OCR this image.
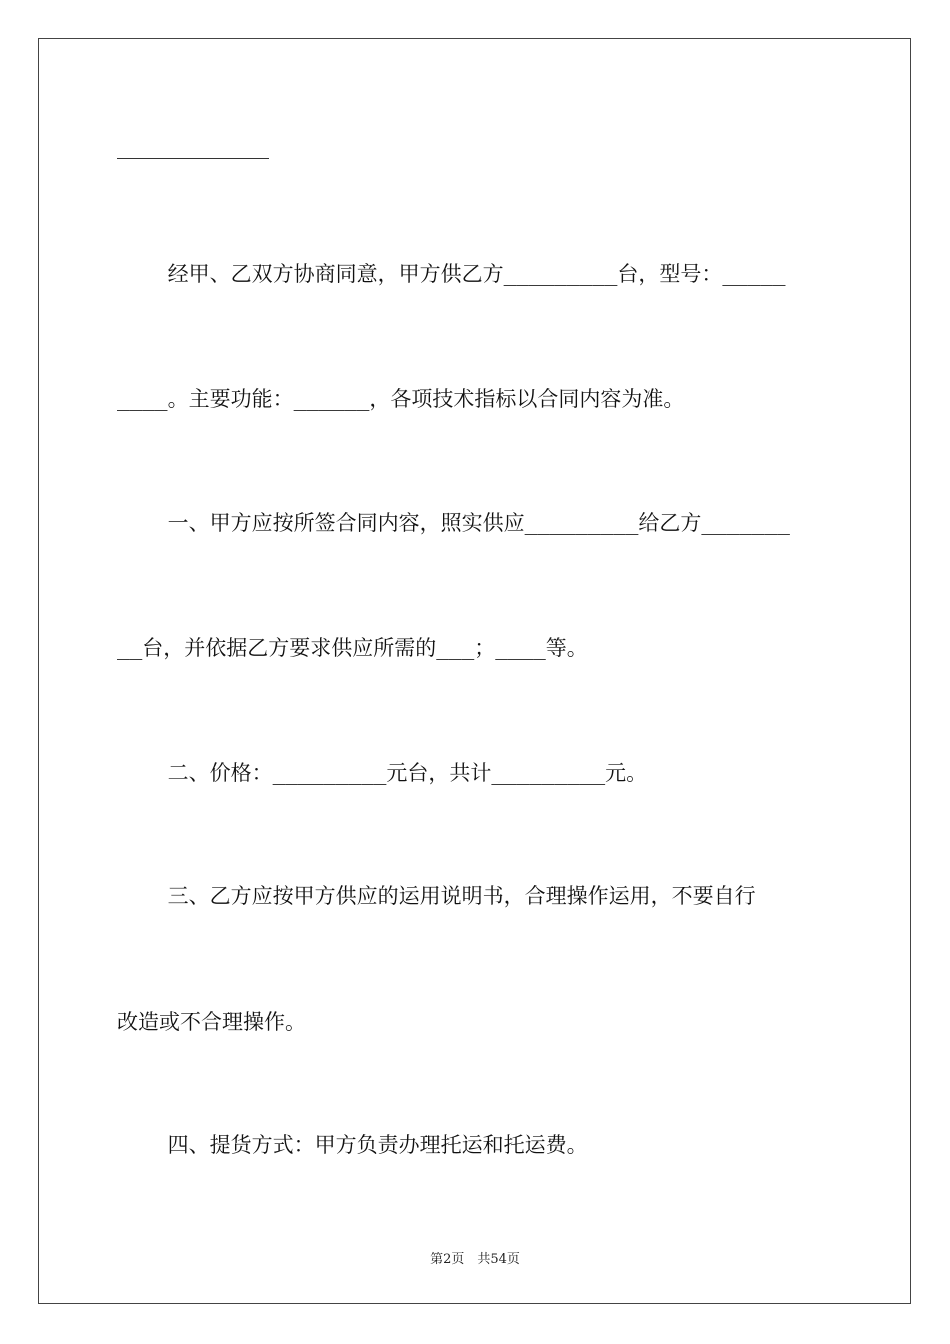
经甲、乙双方协商同意，甲方供乙方_________台，型号：_____
____。主要功能：______，各项技术指标以合同内容为准。
一、甲方应按所签合同内容，照实供应_________给乙方_______
__台，并依据乙方要求供应所需的___；____等。
二、价格：_________元台，共计_________元。
三、乙方应按甲方供应的运用说明书，合理操作运用，不要自行
改造或不合理操作。
四、提货方式：甲方负责办理托运和托运费。
第2页　共54页
